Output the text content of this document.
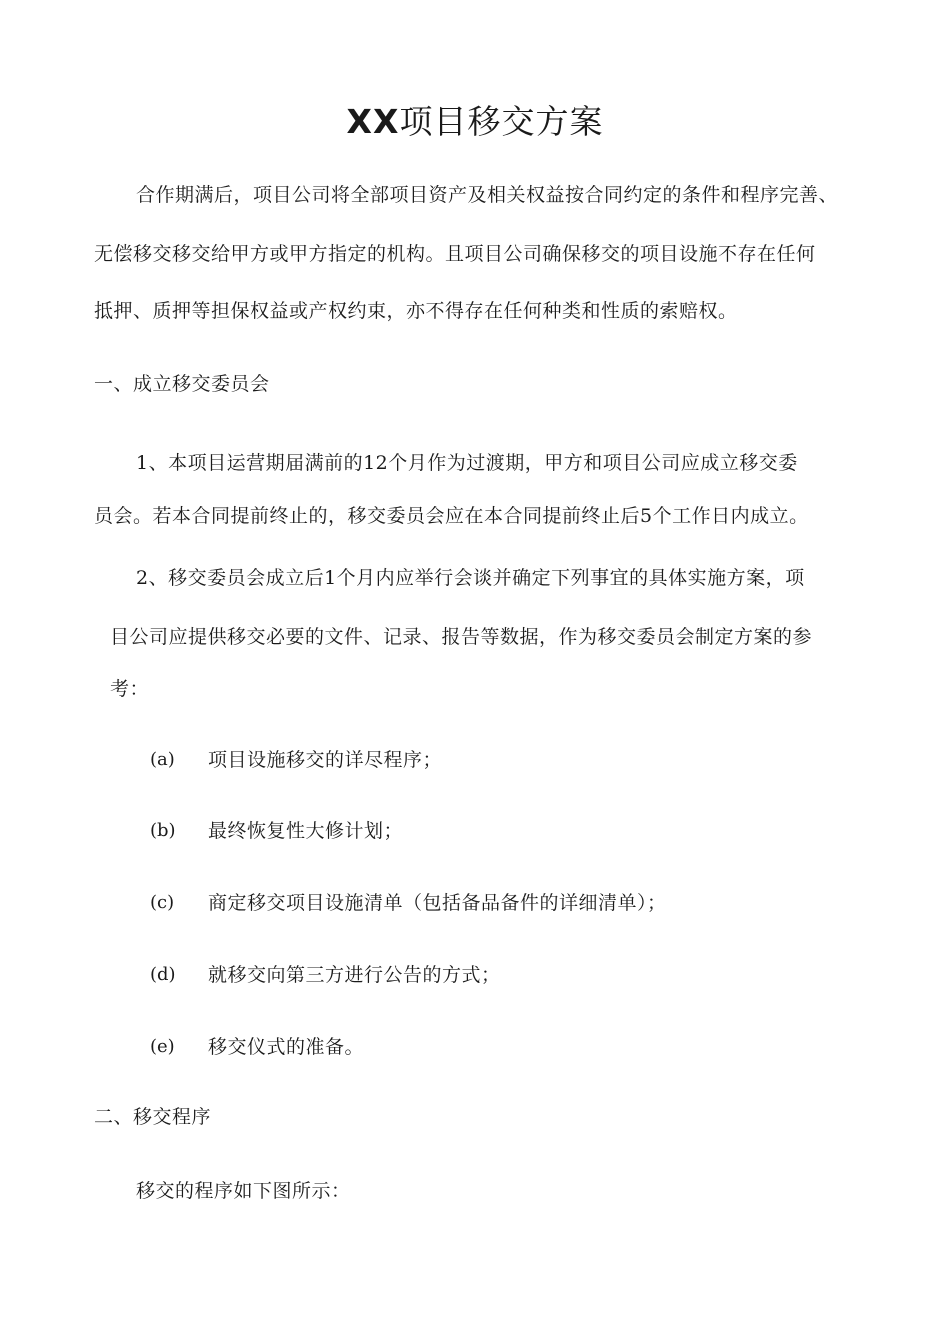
XX项目移交方案
合作期满后，项目公司将全部项目资产及相关权益按合同约定的条件和程序完善、
无偿移交移交给甲方或甲方指定的机构。且项目公司确保移交的项目设施不存在任何
抵押、质押等担保权益或产权约束，亦不得存在任何种类和性质的索赔权。
一、成立移交委员会
1、本项目运营期届满前的12个月作为过渡期，甲方和项目公司应成立移交委
员会。若本合同提前终止的，移交委员会应在本合同提前终止后5个工作日内成立。
2、移交委员会成立后1个月内应举行会谈并确定下列事宜的具体实施方案，项
目公司应提供移交必要的文件、记录、报告等数据，作为移交委员会制定方案的参
考：
(a) 项目设施移交的详尽程序；
(b) 最终恢复性大修计划；
(c) 商定移交项目设施清单（包括备品备件的详细清单）；
(d) 就移交向第三方进行公告的方式；
(e) 移交仪式的准备。
二、移交程序
移交的程序如下图所示：
